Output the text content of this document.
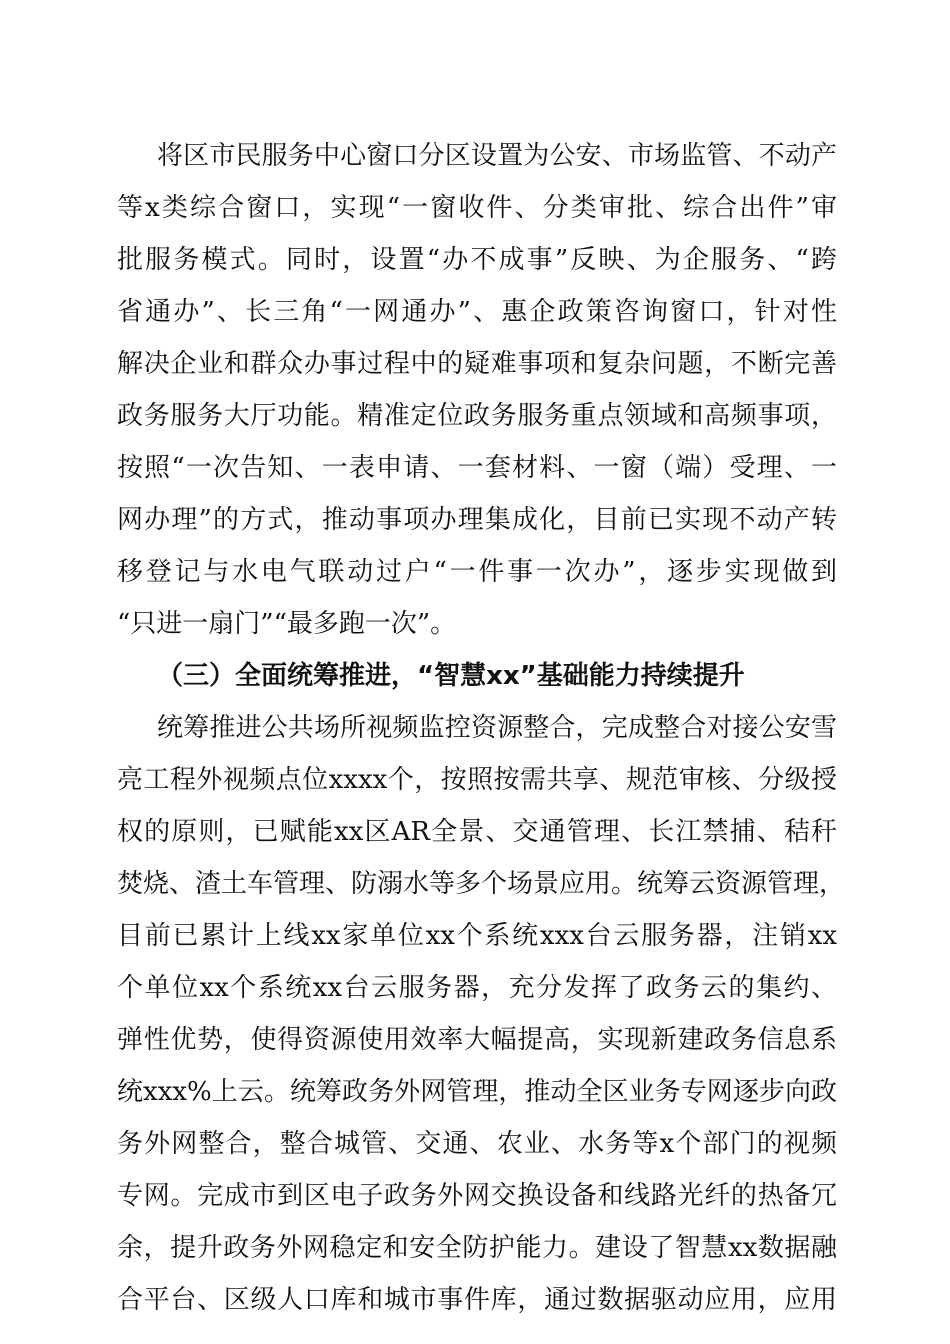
将区市民服务中心窗口分区设置为公安、市场监管、不动产
等x类综合窗口，实现“一窗收件、分类审批、综合出件”审
批服务模式。同时，设置“办不成事”反映、为企服务、“跨
省通办”、长三角“一网通办”、惠企政策咨询窗口，针对性
解决企业和群众办事过程中的疑难事项和复杂问题，不断完善
政务服务大厅功能。精准定位政务服务重点领域和高频事项，
按照“一次告知、一表申请、一套材料、一窗（端）受理、一
网办理”的方式，推动事项办理集成化，目前已实现不动产转
移登记与水电气联动过户“一件事一次办”，逐步实现做到
“只进一扇门”“最多跑一次”。
（三）全面统筹推进，“智慧xx”基础能力持续提升
统筹推进公共场所视频监控资源整合，完成整合对接公安雪
亮工程外视频点位xxxx个，按照按需共享、规范审核、分级授
权的原则，已赋能xx区AR全景、交通管理、长江禁捕、秸秆
焚烧、渣土车管理、防溺水等多个场景应用。统筹云资源管理，
目前已累计上线xx家单位xx个系统xxx台云服务器，注销xx
个单位xx个系统xx台云服务器，充分发挥了政务云的集约、
弹性优势，使得资源使用效率大幅提高，实现新建政务信息系
统xxx%上云。统筹政务外网管理，推动全区业务专网逐步向政
务外网整合，整合城管、交通、农业、水务等x个部门的视频
专网。完成市到区电子政务外网交换设备和线路光纤的热备冗
余，提升政务外网稳定和安全防护能力。建设了智慧xx数据融
合平台、区级人口库和城市事件库，通过数据驱动应用，应用
